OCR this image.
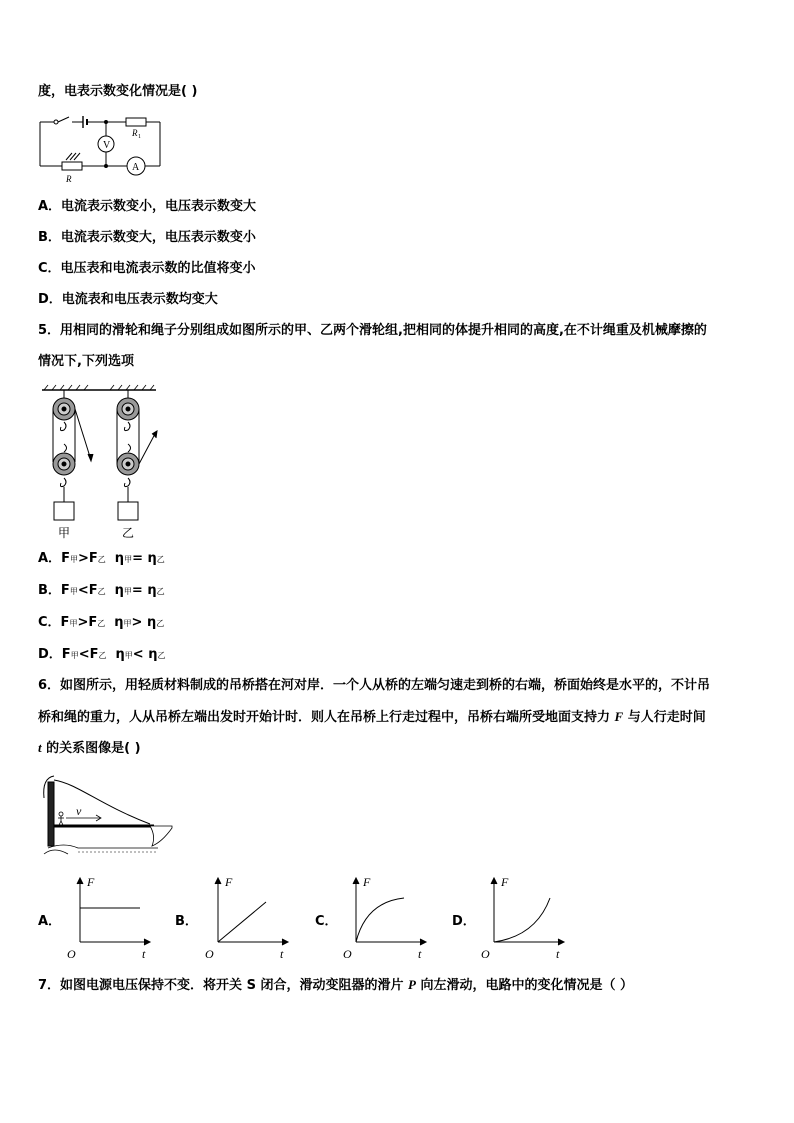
度，电表示数变化情况是( )
V
A
R 1
R
A．电流表示数变小，电压表示数变大
B．电流表示数变大，电压表示数变小
C．电压表和电流表示数的比值将变小
D．电流表和电压表示数均变大
5．用相同的滑轮和绳子分别组成如图所示的甲、乙两个滑轮组,把相同的体提升相同的高度,在不计绳重及机械摩擦的
情况下,下列选项
甲	乙
A．F甲>F乙 η甲= η乙
B．F甲<F乙 η甲= η乙
C．F甲>F乙 η甲> η乙
D．F甲<F乙 η甲< η乙
6．如图所示，用轻质材料制成的吊桥搭在河对岸．一个人从桥的左端匀速走到桥的右端，桥面始终是水平的，不计吊
桥和绳的重力，人从吊桥左端出发时开始计时．则人在吊桥上行走过程中，吊桥右端所受地面支持力 F 与人行走时间
t 的关系图像是( )
v
A．	B．	C．	D．
F
O	t
F
O	t
F
O	t
F
O	t
7．如图电源电压保持不变．将开关 S 闭合，滑动变阻器的滑片 P 向左滑动，电路中的变化情况是（ ）
